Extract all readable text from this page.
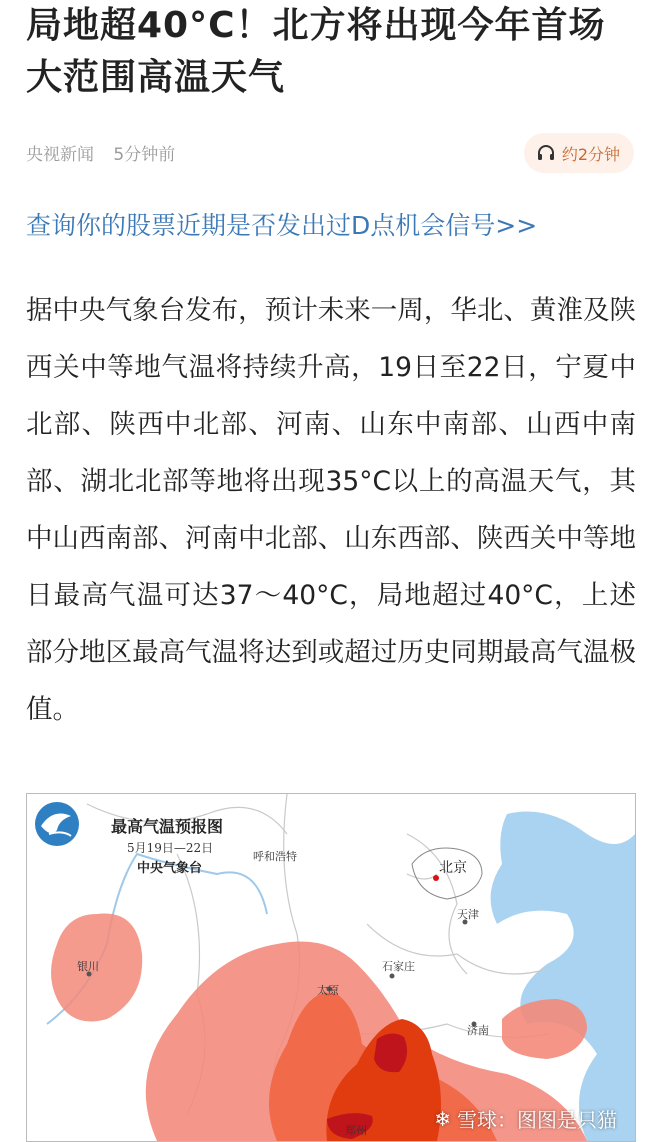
局地超40°C！北方将出现今年首场大范围高温天气
央视新闻 5分钟前	约2分钟
查询你的股票近期是否发出过D点机会信号>>
据中央气象台发布，预计未来一周，华北、黄淮及陕西关中等地气温将持续升高，19日至22日，宁夏中北部、陕西中北部、河南、山东中南部、山西中南部、湖北北部等地将出现35°C以上的高温天气，其中山西南部、河南中北部、山东西部、陕西关中等地日最高气温可达37～40°C，局地超过40°C，上述部分地区最高气温将达到或超过历史同期最高气温极值。
最高气温预报图
5月19日—22日
中央气象台
呼和浩特
北京
天津
银川
太原
石家庄
济南
郑州	❄ 雪球：图图是只猫
